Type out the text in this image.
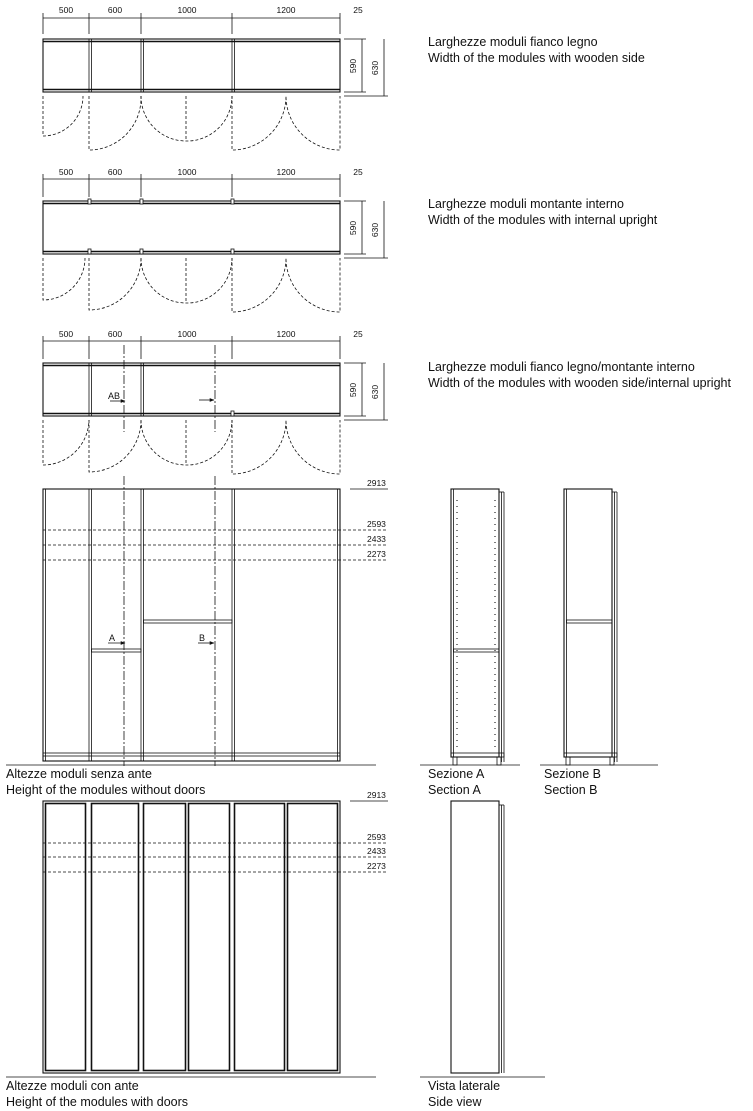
500	600	1000	1200	25
590 630
500	600	1000	1200	25
590 630
500	600	1000	1200	25
590 630
AB
2913
2593
2433
2273
A	B
2913
2593
2433
2273
Larghezze moduli fianco legno
Width of the modules with wooden side
Larghezze moduli montante interno
Width of the modules with internal upright
Larghezze moduli fianco legno/montante interno
Width of the modules with wooden side/internal upright
Altezze moduli senza ante
Height of the modules without doors
Sezione A
Section A
Sezione B
Section B
Altezze moduli con ante
Height of the modules with doors
Vista laterale
Side view
